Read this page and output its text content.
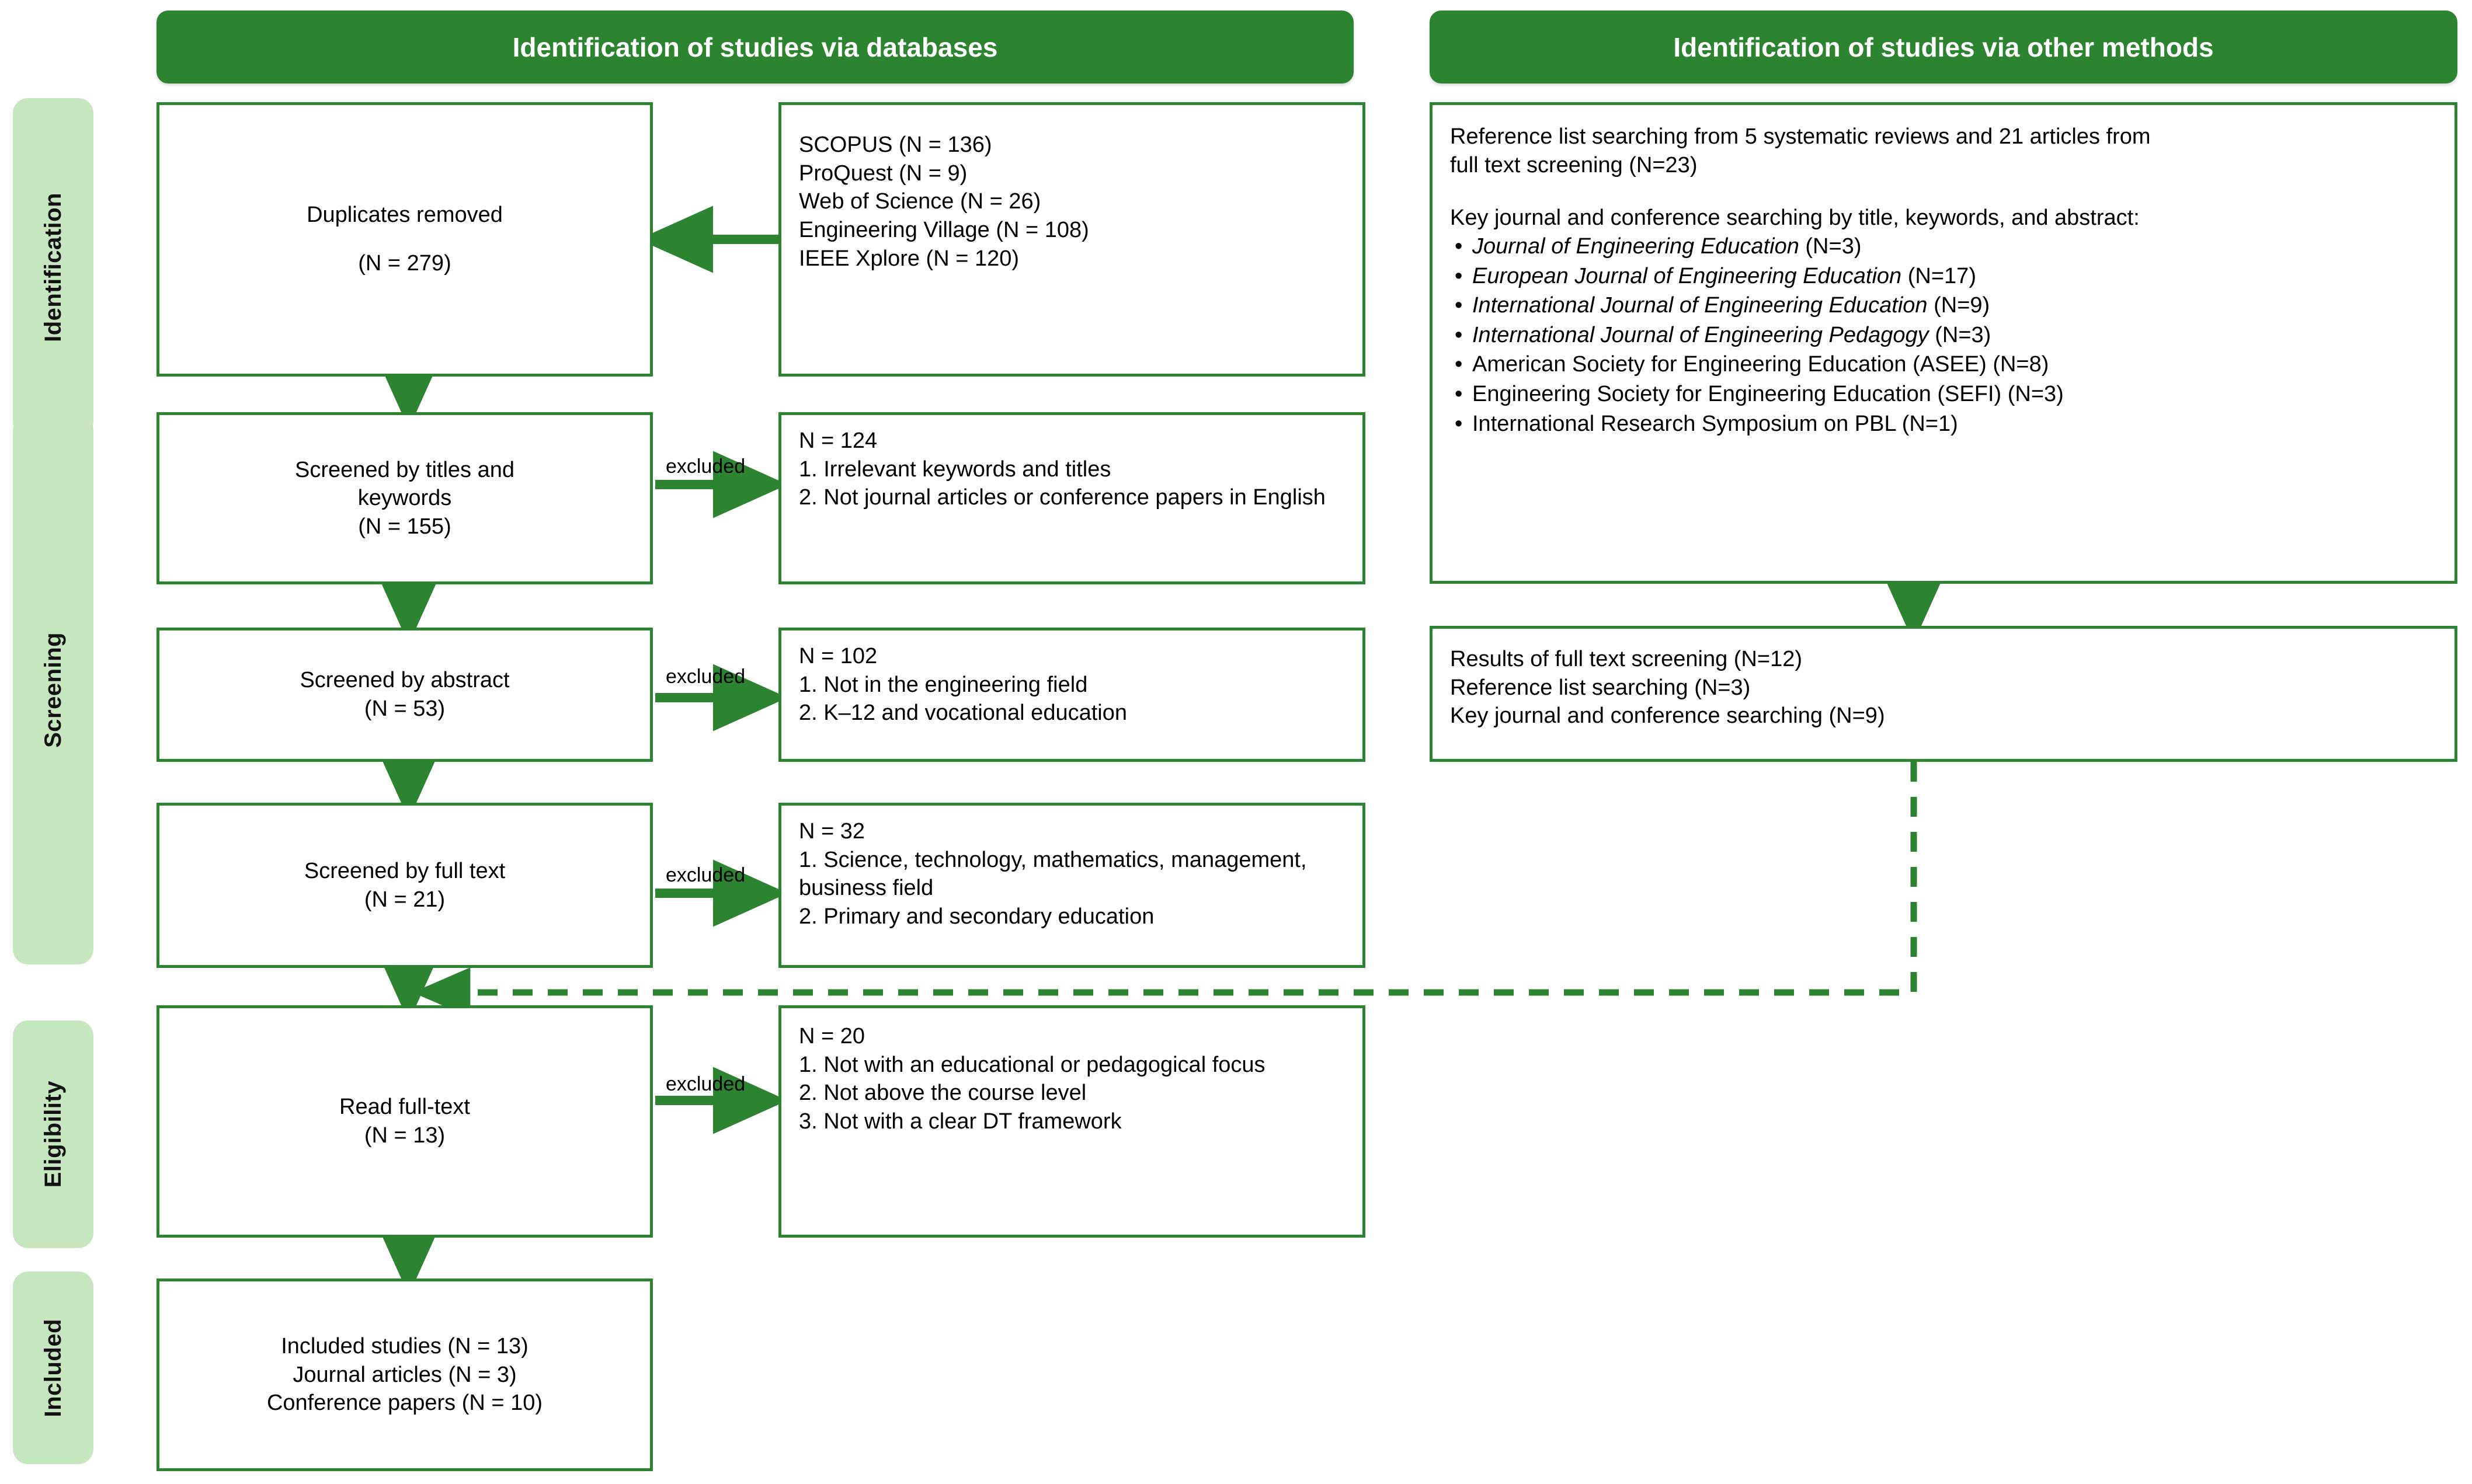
Identification
Screening
Eligibility
Included
Identification of studies via databases	Identification of studies via other methods
Duplicates removed
(N = 279)
SCOPUS (N = 136)
ProQuest (N = 9)
Web of Science (N = 26)
Engineering Village (N = 108)
IEEE Xplore (N = 120)
Screened by titles and
keywords
(N = 155)
excluded
N = 124
1. Irrelevant keywords and titles
2. Not journal articles or conference papers in English
Screened by abstract
(N = 53)
excluded
N = 102
1. Not in the engineering field
2. K–12 and vocational education
Screened by full text
(N = 21)
excluded
N = 32
1. Science, technology, mathematics, management, business field
2. Primary and secondary education
Read full-text
(N = 13)
excluded
N = 20
1. Not with an educational or pedagogical focus
2. Not above the course level
3. Not with a clear DT framework
Included studies (N = 13)
Journal articles (N = 3)
Conference papers (N = 10)
Reference list searching from 5 systematic reviews and 21 articles from
full text screening (N=23)
Key journal and conference searching by title, keywords, and abstract:
• Journal of Engineering Education (N=3)
• European Journal of Engineering Education (N=17)
• International Journal of Engineering Education (N=9)
• International Journal of Engineering Pedagogy (N=3)
• American Society for Engineering Education (ASEE) (N=8)
• Engineering Society for Engineering Education (SEFI) (N=3)
• International Research Symposium on PBL (N=1)
Results of full text screening (N=12)
Reference list searching (N=3)
Key journal and conference searching (N=9)
